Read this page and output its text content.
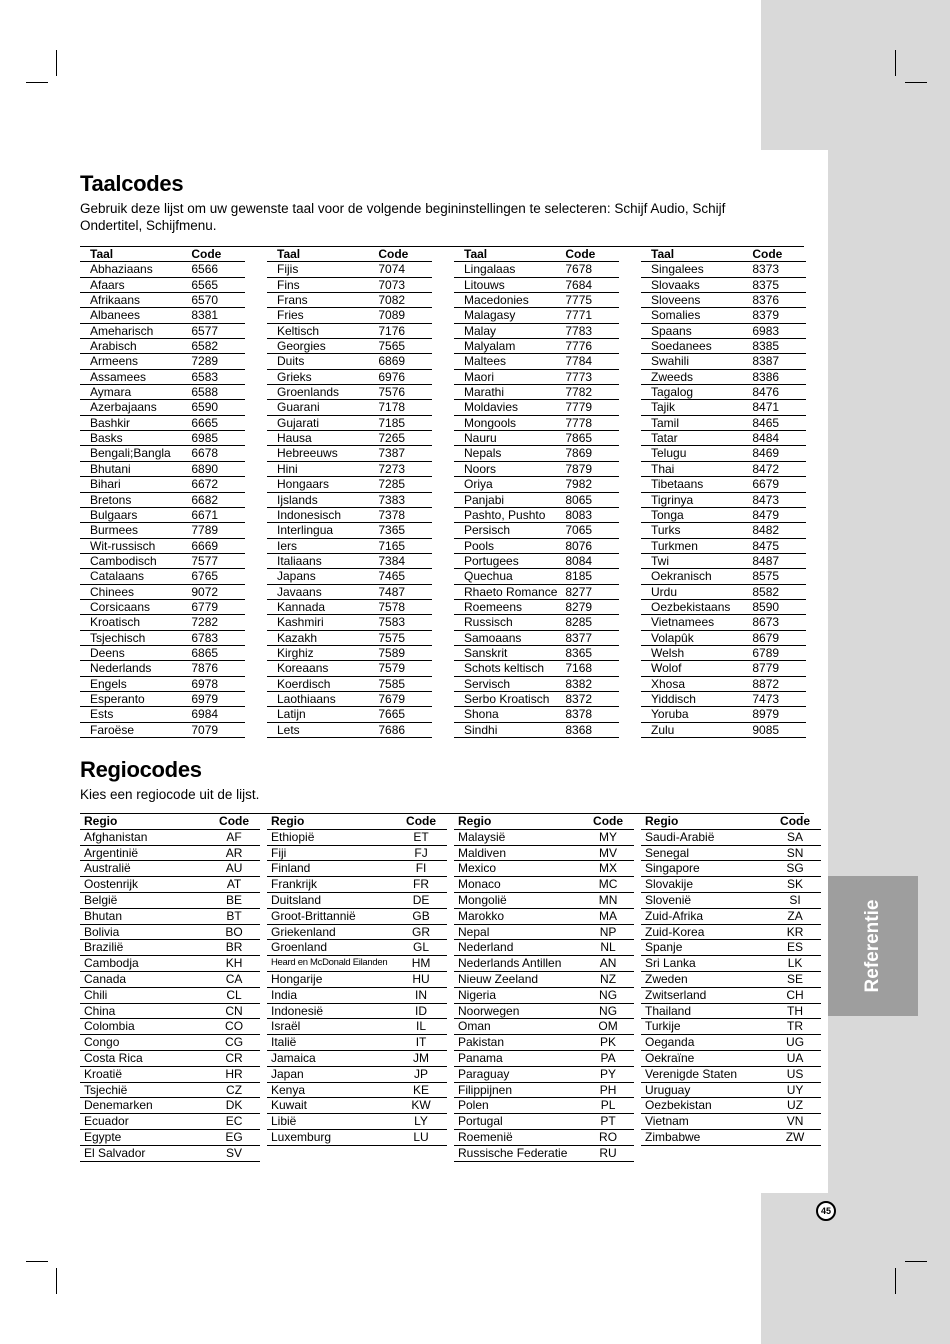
Referentie
45
Taalcodes

Gebruik deze lijst om uw gewenste taal voor de volgende begininstellingen te selecteren: Schijf Audio, Schijf Ondertitel, Schijfmenu.

Taal	Code
Abhaziaans	6566
Afaars	6565
Afrikaans	6570
Albanees	8381
Ameharisch	6577
Arabisch	6582
Armeens	7289
Assamees	6583
Aymara	6588
Azerbajaans	6590
Bashkir	6665
Basks	6985
Bengali;Bangla	6678
Bhutani	6890
Bihari	6672
Bretons	6682
Bulgaars	6671
Burmees	7789
Wit-russisch	6669
Cambodisch	7577
Catalaans	6765
Chinees	9072
Corsicaans	6779
Kroatisch	7282
Tsjechisch	6783
Deens	6865
Nederlands	7876
Engels	6978
Esperanto	6979
Ests	6984
Faroëse	7079
Taal	Code
Fijis	7074
Fins	7073
Frans	7082
Fries	7089
Keltisch	7176
Georgies	7565
Duits	6869
Grieks	6976
Groenlands	7576
Guarani	7178
Gujarati	7185
Hausa	7265
Hebreeuws	7387
Hini	7273
Hongaars	7285
Ijslands	7383
Indonesisch	7378
Interlingua	7365
Iers	7165
Italiaans	7384
Japans	7465
Javaans	7487
Kannada	7578
Kashmiri	7583
Kazakh	7575
Kirghiz	7589
Koreaans	7579
Koerdisch	7585
Laothiaans	7679
Latijn	7665
Lets	7686
Taal	Code
Lingalaas	7678
Litouws	7684
Macedonies	7775
Malagasy	7771
Malay	7783
Malyalam	7776
Maltees	7784
Maori	7773
Marathi	7782
Moldavies	7779
Mongools	7778
Nauru	7865
Nepals	7869
Noors	7879
Oriya	7982
Panjabi	8065
Pashto, Pushto	8083
Persisch	7065
Pools	8076
Portugees	8084
Quechua	8185
Rhaeto Romance	8277
Roemeens	8279
Russisch	8285
Samoaans	8377
Sanskrit	8365
Schots keltisch	7168
Servisch	8382
Serbo Kroatisch	8372
Shona	8378
Sindhi	8368
Taal	Code
Singalees	8373
Slovaaks	8375
Sloveens	8376
Somalies	8379
Spaans	6983
Soedanees	8385
Swahili	8387
Zweeds	8386
Tagalog	8476
Tajik	8471
Tamil	8465
Tatar	8484
Telugu	8469
Thai	8472
Tibetaans	6679
Tigrinya	8473
Tonga	8479
Turks	8482
Turkmen	8475
Twi	8487
Oekranisch	8575
Urdu	8582
Oezbekistaans	8590
Vietnamees	8673
Volapûk	8679
Welsh	6789
Wolof	8779
Xhosa	8872
Yiddisch	7473
Yoruba	8979
Zulu	9085
Regiocodes

Kies een regiocode uit de lijst.

Regio	Code
Afghanistan	AF
Argentinië	AR
Australië	AU
Oostenrijk	AT
België	BE
Bhutan	BT
Bolivia	BO
Brazilië	BR
Cambodja	KH
Canada	CA
Chili	CL
China	CN
Colombia	CO
Congo	CG
Costa Rica	CR
Kroatië	HR
Tsjechië	CZ
Denemarken	DK
Ecuador	EC
Egypte	EG
El Salvador	SV
Regio	Code
Ethiopië	ET
Fiji	FJ
Finland	FI
Frankrijk	FR
Duitsland	DE
Groot-Brittannië	GB
Griekenland	GR
Groenland	GL
Heard en McDonald Eilanden	HM
Hongarije	HU
India	IN
Indonesië	ID
Israël	IL
Italië	IT
Jamaica	JM
Japan	JP
Kenya	KE
Kuwait	KW
Libië	LY
Luxemburg	LU

Regio	Code
Malaysië	MY
Maldiven	MV
Mexico	MX
Monaco	MC
Mongolië	MN
Marokko	MA
Nepal	NP
Nederland	NL
Nederlands Antillen	AN
Nieuw Zeeland	NZ
Nigeria	NG
Noorwegen	NG
Oman	OM
Pakistan	PK
Panama	PA
Paraguay	PY
Filippijnen	PH
Polen	PL
Portugal	PT
Roemenië	RO
Russische Federatie	RU
Regio	Code
Saudi-Arabië	SA
Senegal	SN
Singapore	SG
Slovakije	SK
Slovenië	SI
Zuid-Afrika	ZA
Zuid-Korea	KR
Spanje	ES
Sri Lanka	LK
Zweden	SE
Zwitserland	CH
Thailand	TH
Turkije	TR
Oeganda	UG
Oekraïne	UA
Verenigde Staten	US
Uruguay	UY
Oezbekistan	UZ
Vietnam	VN
Zimbabwe	ZW
